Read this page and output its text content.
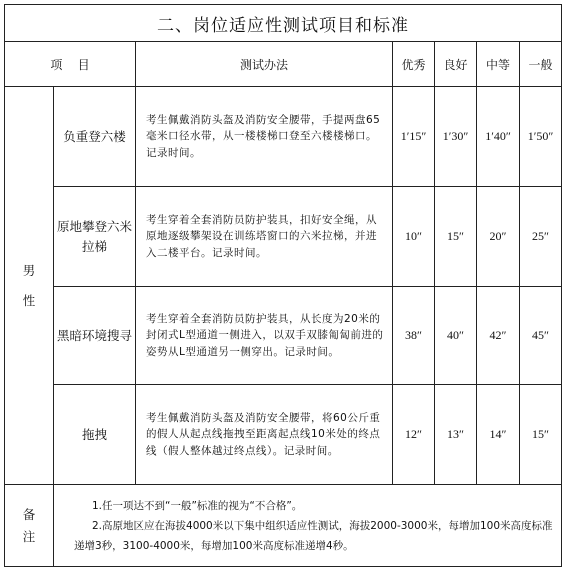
二、岗位适应性测试项目和标准						
项    目		测试办法	优秀	良好	中等	一般
男
性	负重登六楼	考生佩戴消防头盔及消防安全腰带，手提两盘65毫米口径水带，从一楼楼梯口登至六楼楼梯口。记录时间。	1′15″	1′30″	1′40″	1′50″
	原地攀登六米拉梯	考生穿着全套消防员防护装具，扣好安全绳，从原地逐级攀架设在训练塔窗口的六米拉梯，并进入二楼平台。记录时间。	10″	15″	20″	25″
	黑暗环境搜寻	考生穿着全套消防员防护装具，从长度为20米的封闭式L型通道一侧进入，以双手双膝匍匐前进的姿势从L型通道另一侧穿出。记录时间。	38″	40″	42″	45″
	拖拽	考生佩戴消防头盔及消防安全腰带，将60公斤重的假人从起点线拖拽至距离起点线10米处的终点线（假人整体越过终点线）。记录时间。	12″	13″	14″	15″
备
注	1.任一项达不到“一般”标准的视为“不合格”。
2.高原地区应在海拔4000米以下集中组织适应性测试，海拔2000-3000米，每增加100米高度标准递增3秒，3100-4000米，每增加100米高度标准递增4秒。					
